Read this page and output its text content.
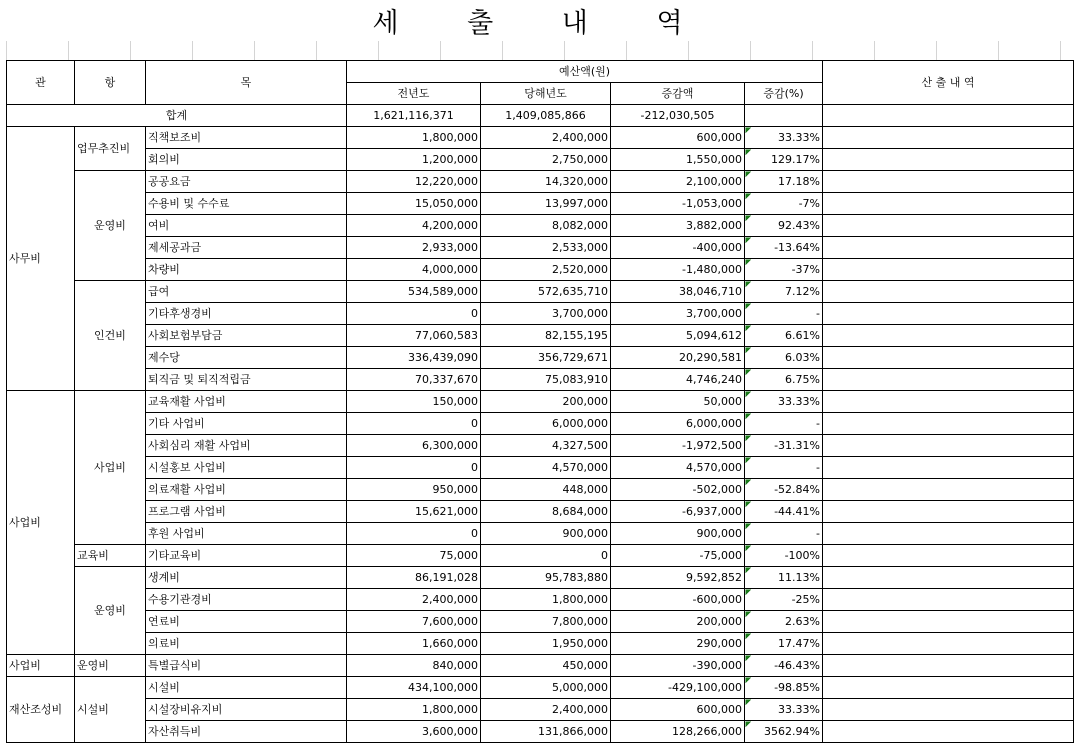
세 출 내 역
관	항	목	예산액(원)				산 출 내 역
			전년도	당해년도	증감액	증감(%)	
합계			1,621,116,371	1,409,085,866	-212,030,505		
사무비	업무추진비	직책보조비	1,800,000	2,400,000	600,000	33.33%	
		회의비	1,200,000	2,750,000	1,550,000	129.17%	
	운영비	공공요금	12,220,000	14,320,000	2,100,000	17.18%	
		수용비 및 수수료	15,050,000	13,997,000	-1,053,000	-7%	
		여비	4,200,000	8,082,000	3,882,000	92.43%	
		제세공과금	2,933,000	2,533,000	-400,000	-13.64%	
		차량비	4,000,000	2,520,000	-1,480,000	-37%	
	인건비	급여	534,589,000	572,635,710	38,046,710	7.12%	
		기타후생경비	0	3,700,000	3,700,000	-	
		사회보험부담금	77,060,583	82,155,195	5,094,612	6.61%	
		제수당	336,439,090	356,729,671	20,290,581	6.03%	
		퇴직금 및 퇴직적립금	70,337,670	75,083,910	4,746,240	6.75%	
사업비	사업비	교육재활 사업비	150,000	200,000	50,000	33.33%	
		기타 사업비	0	6,000,000	6,000,000	-	
		사회심리 재활 사업비	6,300,000	4,327,500	-1,972,500	-31.31%	
		시설홍보 사업비	0	4,570,000	4,570,000	-	
		의료재활 사업비	950,000	448,000	-502,000	-52.84%	
		프로그램 사업비	15,621,000	8,684,000	-6,937,000	-44.41%	
		후원 사업비	0	900,000	900,000	-	
	교육비	기타교육비	75,000	0	-75,000	-100%	
	운영비	생계비	86,191,028	95,783,880	9,592,852	11.13%	
		수용기관경비	2,400,000	1,800,000	-600,000	-25%	
		연료비	7,600,000	7,800,000	200,000	2.63%	
		의료비	1,660,000	1,950,000	290,000	17.47%	
사업비	운영비	특별급식비	840,000	450,000	-390,000	-46.43%	
재산조성비	시설비	시설비	434,100,000	5,000,000	-429,100,000	-98.85%	
		시설장비유지비	1,800,000	2,400,000	600,000	33.33%	
		자산취득비	3,600,000	131,866,000	128,266,000	3562.94%	
